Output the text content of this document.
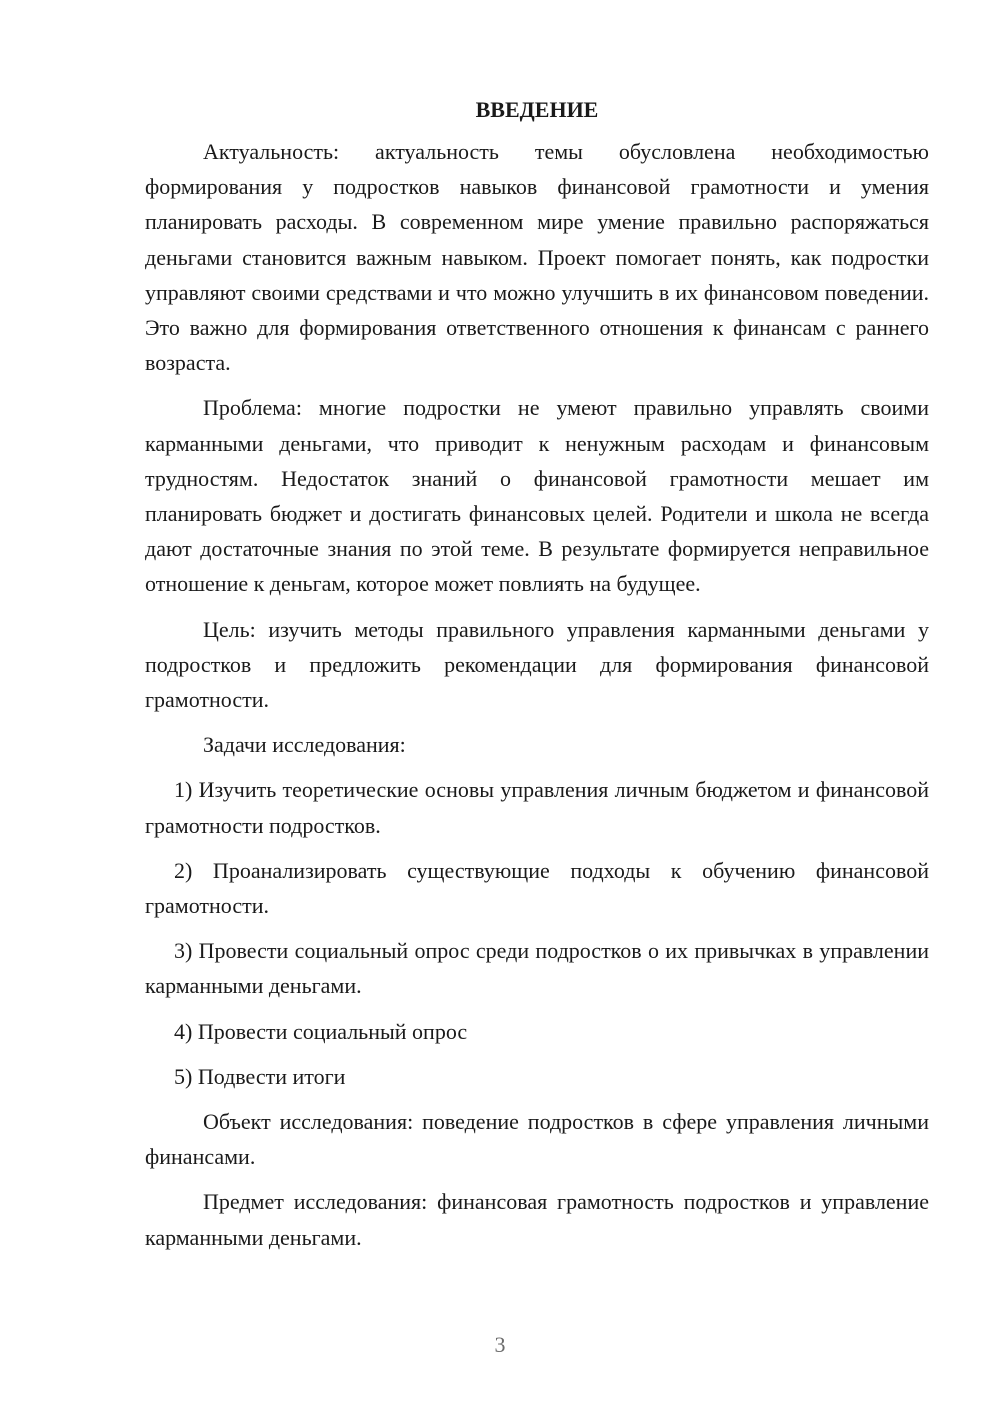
ВВЕДЕНИЕ

Актуальность: актуальность темы обусловлена необходимостью формирования у подростков навыков финансовой грамотности и умения планировать расходы. В современном мире умение правильно распоряжаться деньгами становится важным навыком. Проект помогает понять, как подростки управляют своими средствами и что можно улучшить в их финансовом поведении. Это важно для формирования ответственного отношения к финансам с раннего возраста.

Проблема: многие подростки не умеют правильно управлять своими карманными деньгами, что приводит к ненужным расходам и финансовым трудностям. Недостаток знаний о финансовой грамотности мешает им планировать бюджет и достигать финансовых целей. Родители и школа не всегда дают достаточные знания по этой теме. В результате формируется неправильное отношение к деньгам, которое может повлиять на будущее.

Цель: изучить методы правильного управления карманными деньгами у подростков и предложить рекомендации для формирования финансовой грамотности.

Задачи исследования:

1) Изучить теоретические основы управления личным бюджетом и финансовой грамотности подростков.

2) Проанализировать существующие подходы к обучению финансовой грамотности.

3) Провести социальный опрос среди подростков о их привычках в управлении карманными деньгами.

4) Провести социальный опрос

5) Подвести итоги

Объект исследования: поведение подростков в сфере управления личными финансами.

Предмет исследования: финансовая грамотность подростков и управление карманными деньгами.

3
